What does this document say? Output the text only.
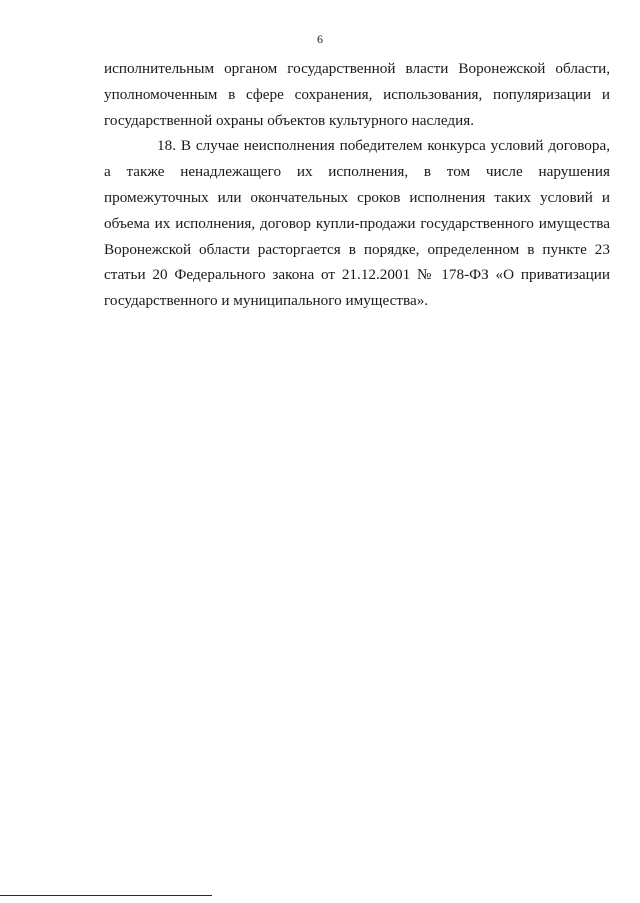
6

исполнительным органом государственной власти Воронежской области, уполномоченным в сфере сохранения, использования, популяризации и государственной охраны объектов культурного наследия.

18. В случае неисполнения победителем конкурса условий договора, а также ненадлежащего их исполнения, в том числе нарушения промежуточных или окончательных сроков исполнения таких условий и объема их исполнения, договор купли-продажи государственного имущества Воронежской области расторгается в порядке, определенном в пункте 23 статьи 20 Федерального закона от 21.12.2001 № 178-ФЗ «О приватизации государственного и муниципального имущества».
